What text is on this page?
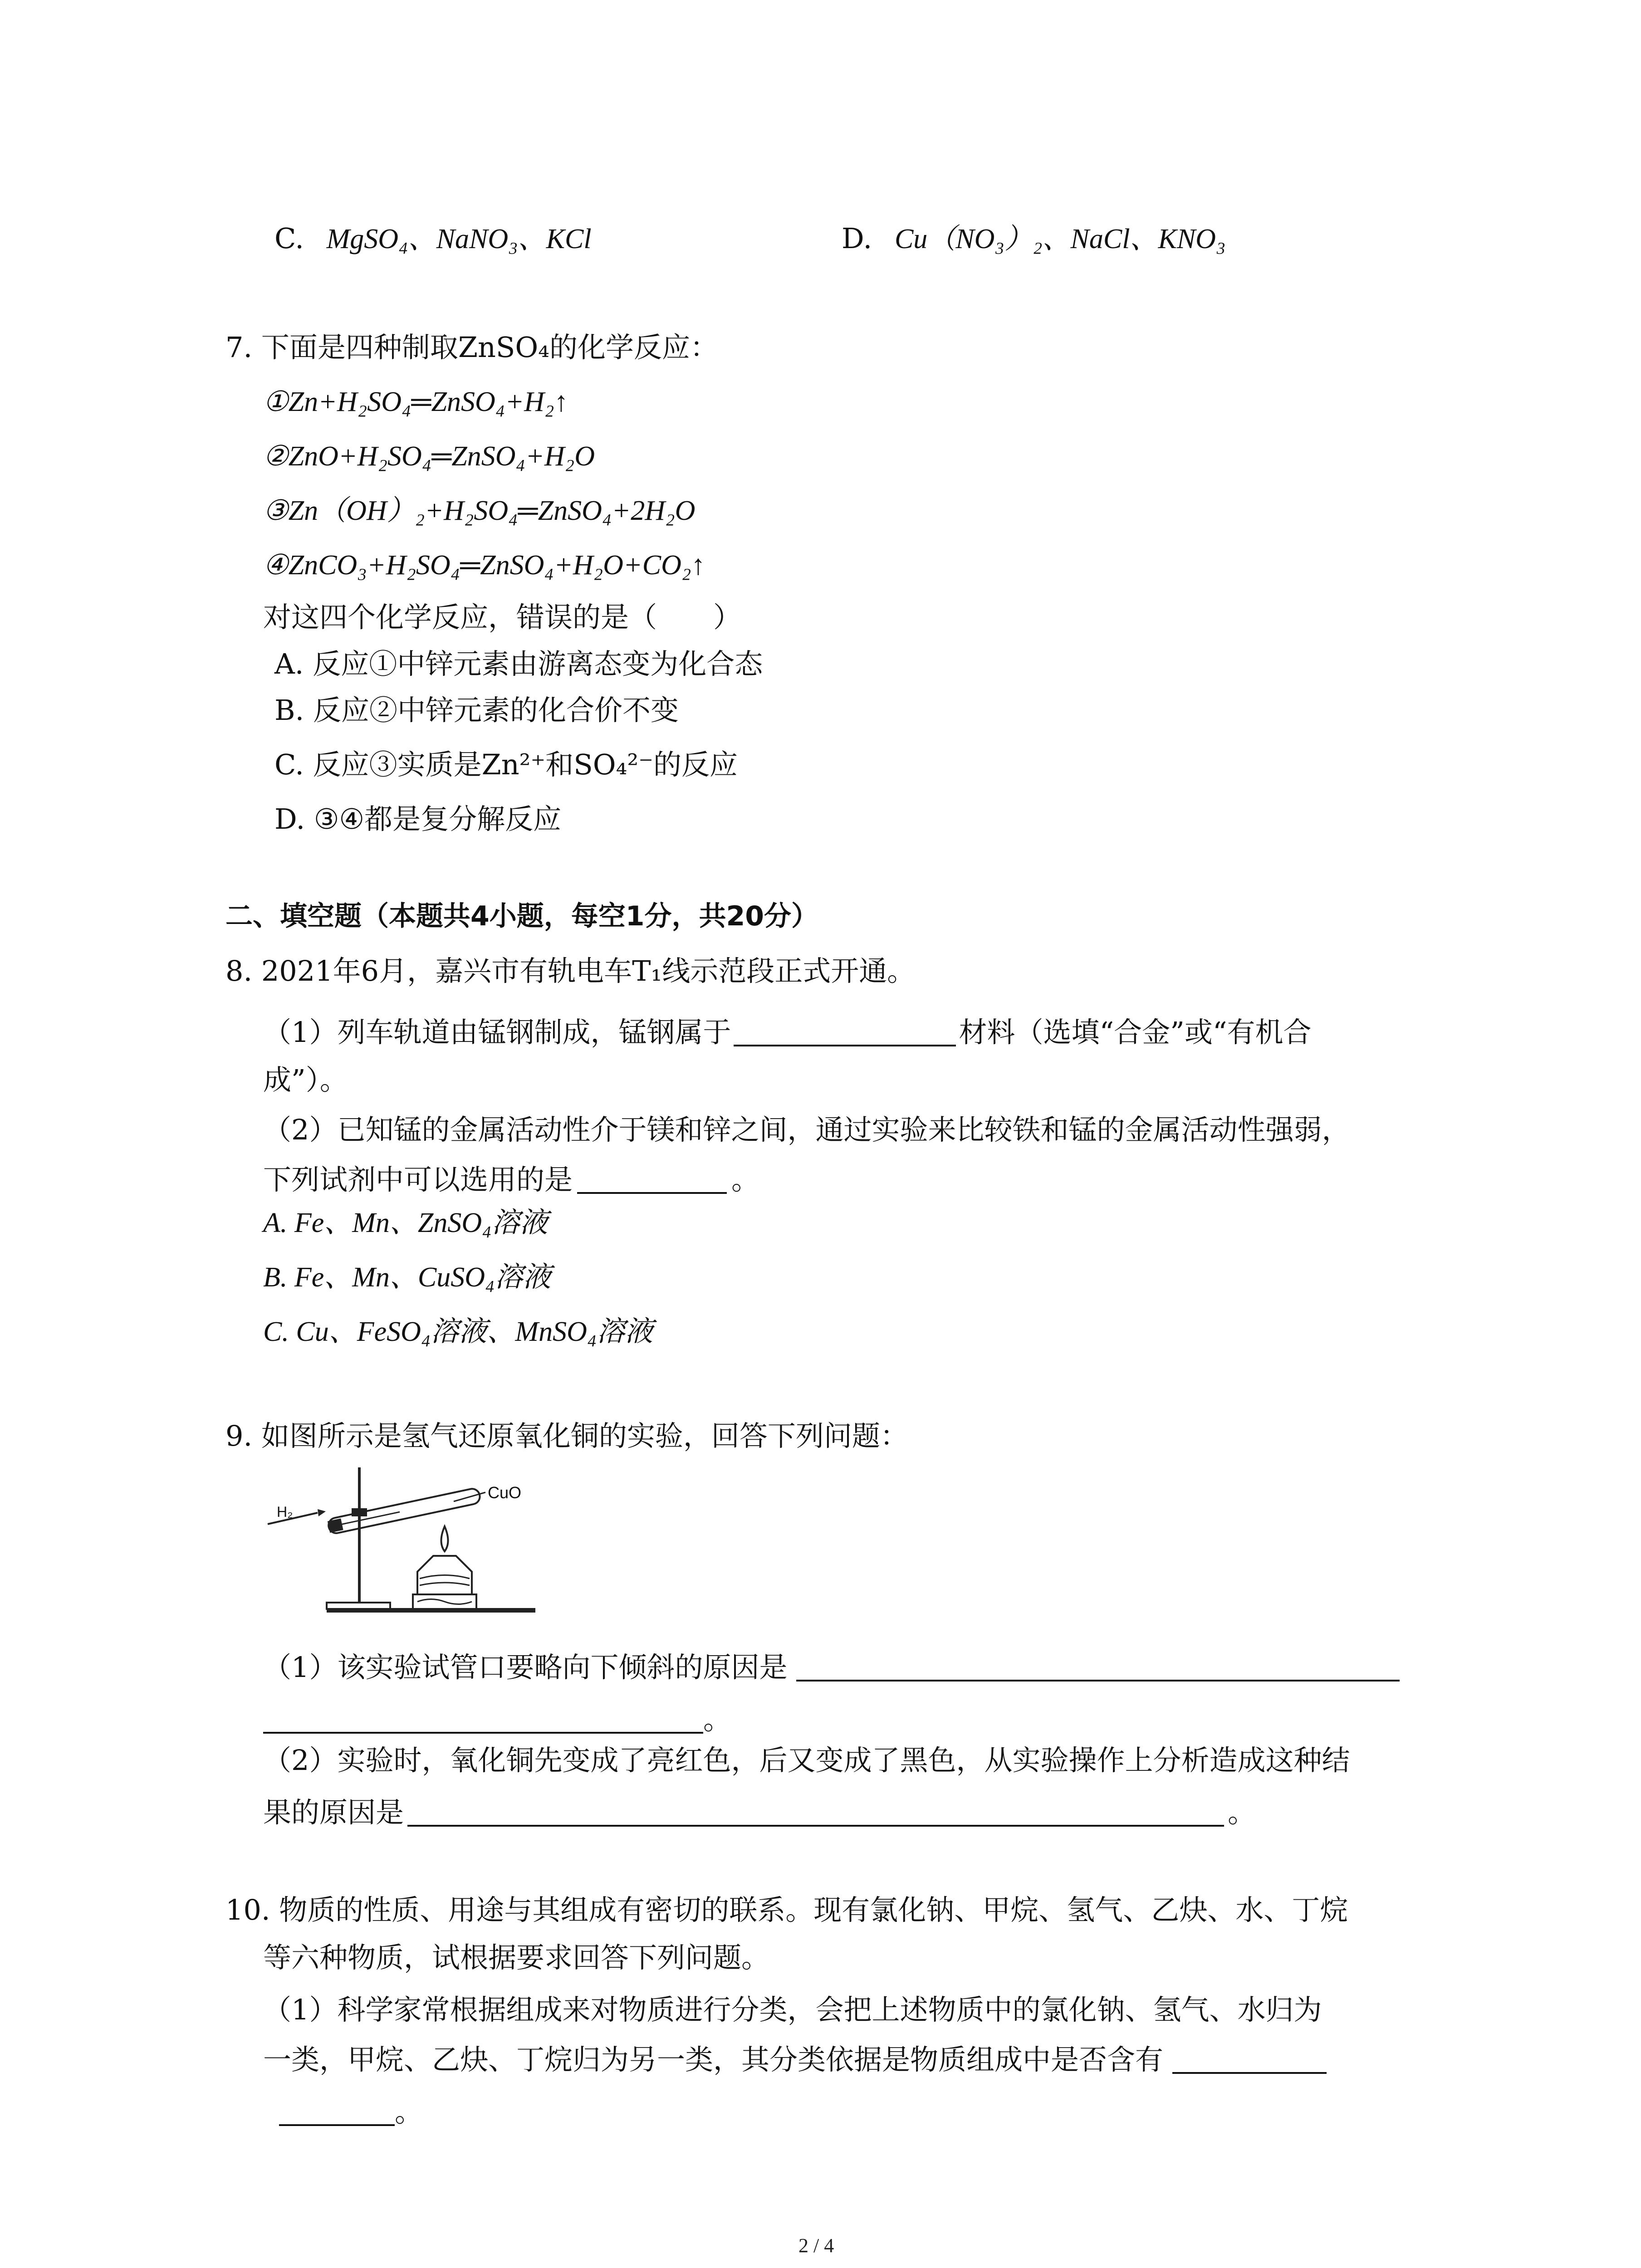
C. MgSO₄、NaNO₃、KCl	D. Cu（NO₃）₂、NaCl、KNO₃
7. 下面是四种制取ZnSO₄的化学反应：
①Zn+H₂SO₄═ZnSO₄+H₂↑
②ZnO+H₂SO₄═ZnSO₄+H₂O
③Zn（OH）₂+H₂SO₄═ZnSO₄+2H₂O
④ZnCO₃+H₂SO₄═ZnSO₄+H₂O+CO₂↑
对这四个化学反应，错误的是（　　）
A. 反应①中锌元素由游离态变为化合态
B. 反应②中锌元素的化合价不变
C. 反应③实质是Zn²⁺和SO₄²⁻的反应
D. ③④都是复分解反应
二、填空题（本题共4小题，每空1分，共20分）
8. 2021年6月，嘉兴市有轨电车T₁线示范段正式开通。
（1）列车轨道由锰钢制成，锰钢属于	材料（选填“合金”或“有机合
成”）。
（2）已知锰的金属活动性介于镁和锌之间，通过实验来比较铁和锰的金属活动性强弱，
下列试剂中可以选用的是	。
A. Fe、Mn、ZnSO₄溶液
B. Fe、Mn、CuSO₄溶液
C. Cu、FeSO₄溶液、MnSO₄溶液
9. 如图所示是氢气还原氧化铜的实验，回答下列问题：
H₂
CuO
（1）该实验试管口要略向下倾斜的原因是
。
（2）实验时，氧化铜先变成了亮红色，后又变成了黑色，从实验操作上分析造成这种结
果的原因是	。
10. 物质的性质、用途与其组成有密切的联系。现有氯化钠、甲烷、氢气、乙炔、水、丁烷
等六种物质，试根据要求回答下列问题。
（1）科学家常根据组成来对物质进行分类，会把上述物质中的氯化钠、氢气、水归为
一类，甲烷、乙炔、丁烷归为另一类，其分类依据是物质组成中是否含有
。
2 / 4
